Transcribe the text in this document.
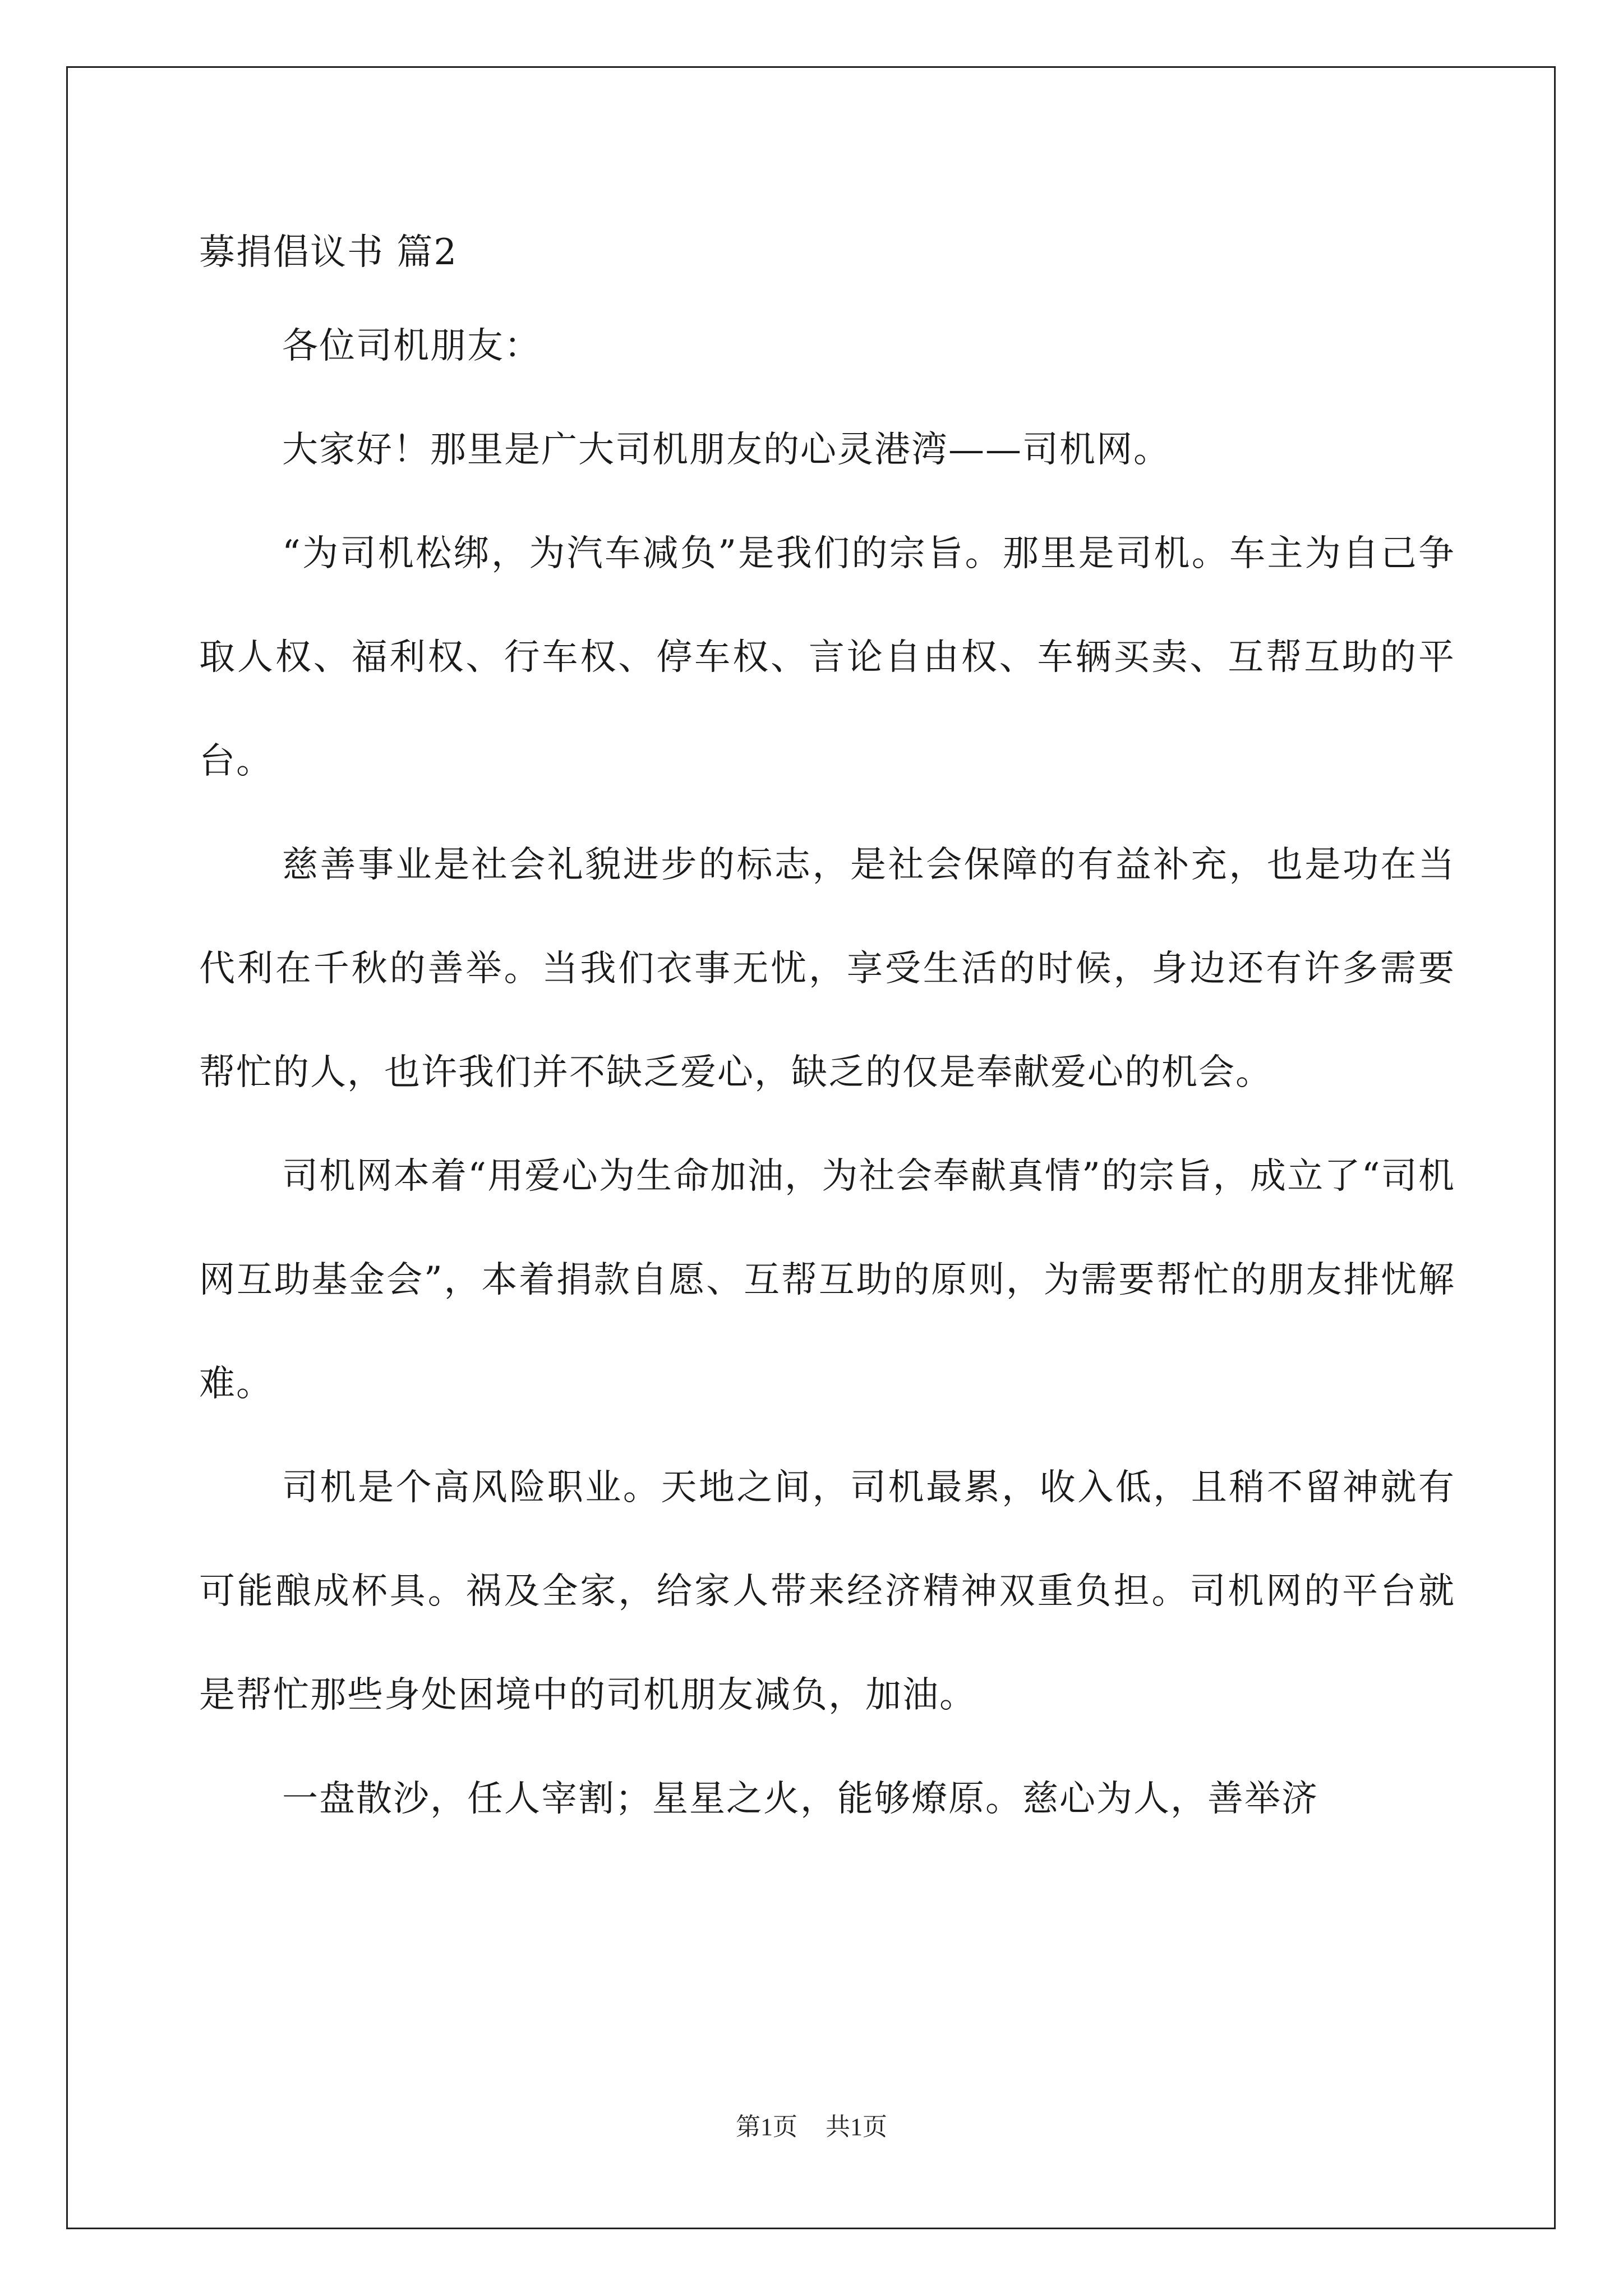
募捐倡议书 篇2

各位司机朋友：

大家好！那里是广大司机朋友的心灵港湾——司机网。

“为司机松绑，为汽车减负”是我们的宗旨。那里是司机。车主为自己争取人权、福利权、行车权、停车权、言论自由权、车辆买卖、互帮互助的平台。

慈善事业是社会礼貌进步的标志，是社会保障的有益补充，也是功在当代利在千秋的善举。当我们衣事无忧，享受生活的时候，身边还有许多需要帮忙的人，也许我们并不缺乏爱心，缺乏的仅是奉献爱心的机会。

司机网本着“用爱心为生命加油，为社会奉献真情”的宗旨，成立了“司机网互助基金会”，本着捐款自愿、互帮互助的原则，为需要帮忙的朋友排忧解难。

司机是个高风险职业。天地之间，司机最累，收入低，且稍不留神就有可能酿成杯具。祸及全家，给家人带来经济精神双重负担。司机网的平台就是帮忙那些身处困境中的司机朋友减负，加油。

一盘散沙，任人宰割；星星之火，能够燎原。慈心为人，善举济

第1页 共1页
